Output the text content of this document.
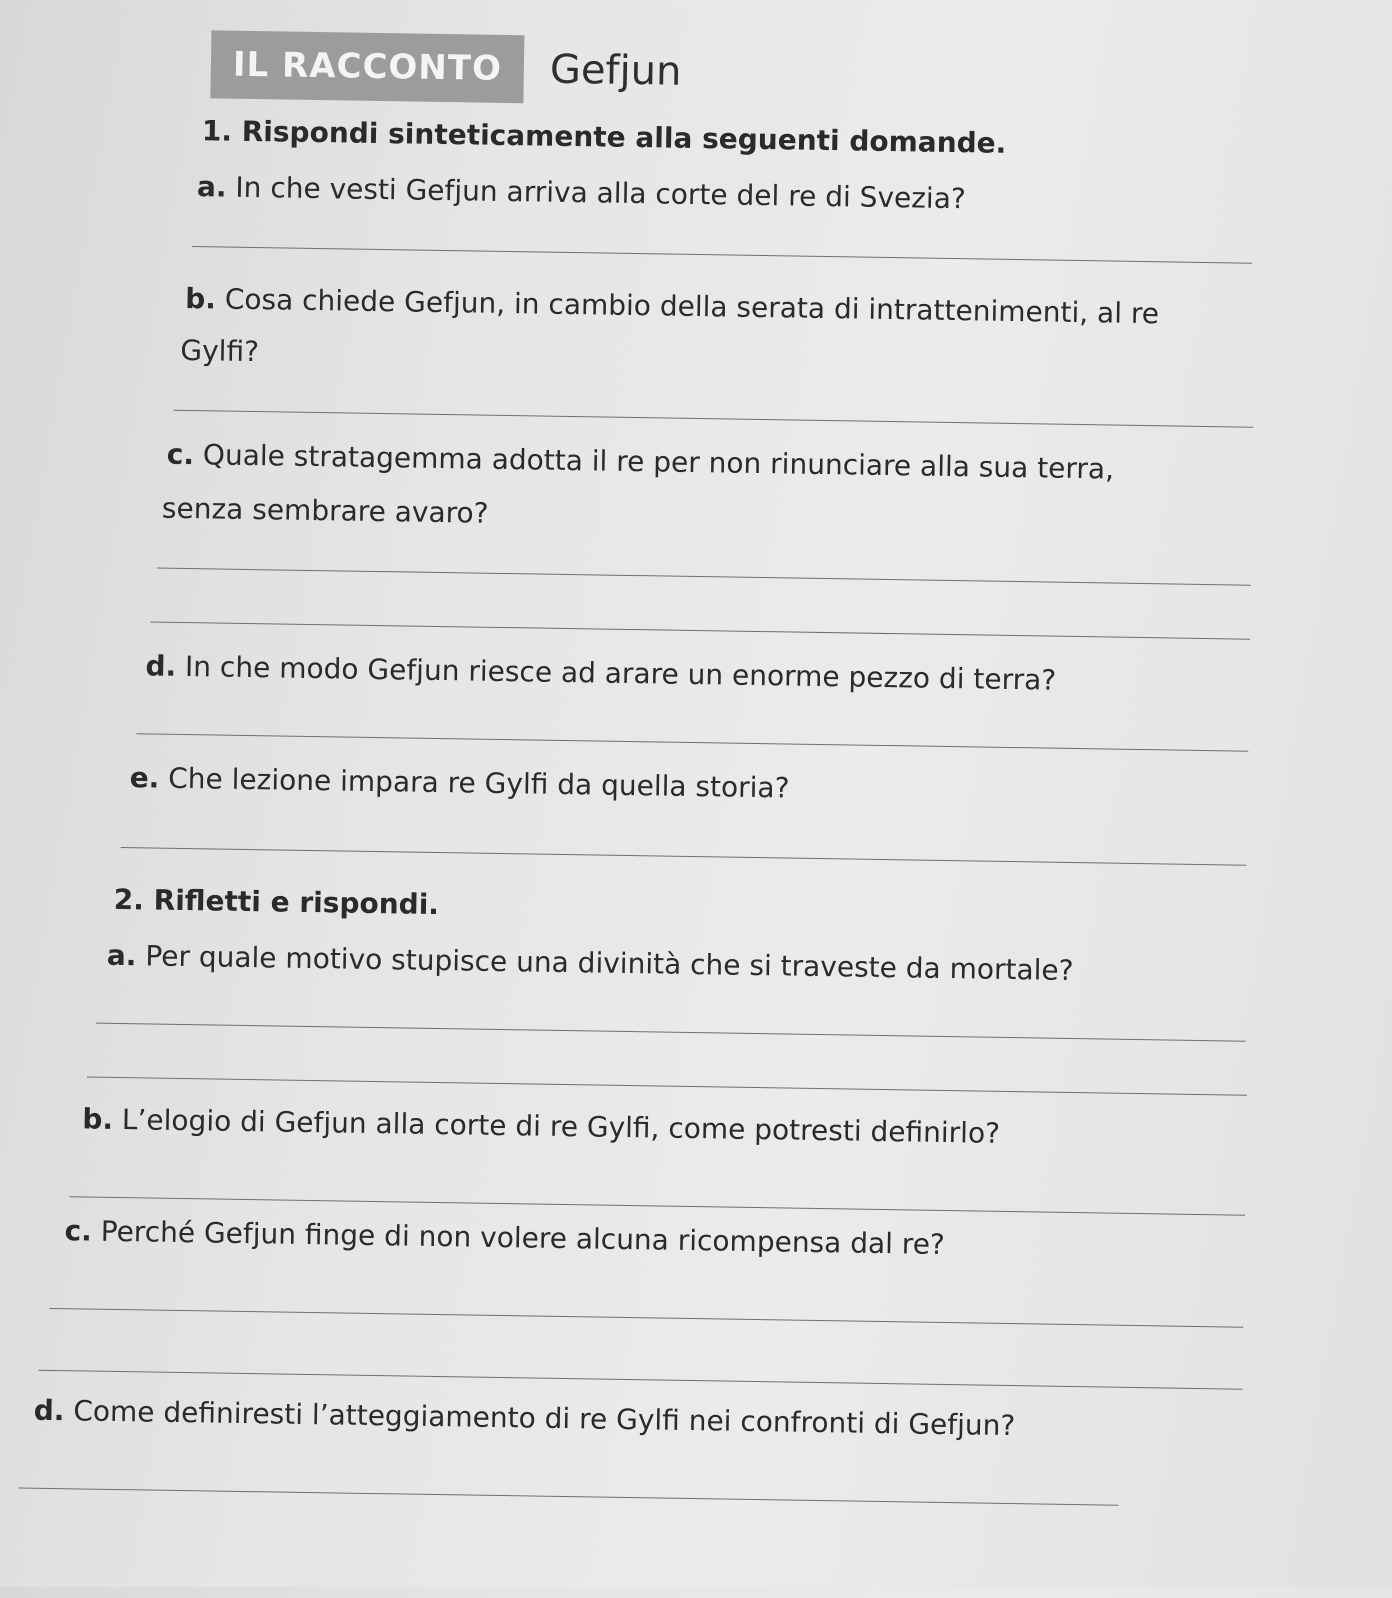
IL RACCONTO	Gefjun
1. Rispondi sinteticamente alla seguenti domande.
a. In che vesti Gefjun arriva alla corte del re di Svezia?
b. Cosa chiede Gefjun, in cambio della serata di intrattenimenti, al re
Gylfi?
c. Quale stratagemma adotta il re per non rinunciare alla sua terra,
senza sembrare avaro?
d. In che modo Gefjun riesce ad arare un enorme pezzo di terra?
e. Che lezione impara re Gylfi da quella storia?
2. Rifletti e rispondi.
a. Per quale motivo stupisce una divinità che si traveste da mortale?
b. L’elogio di Gefjun alla corte di re Gylfi, come potresti definirlo?
c. Perché Gefjun finge di non volere alcuna ricompensa dal re?
d. Come definiresti l’atteggiamento di re Gylfi nei confronti di Gefjun?
